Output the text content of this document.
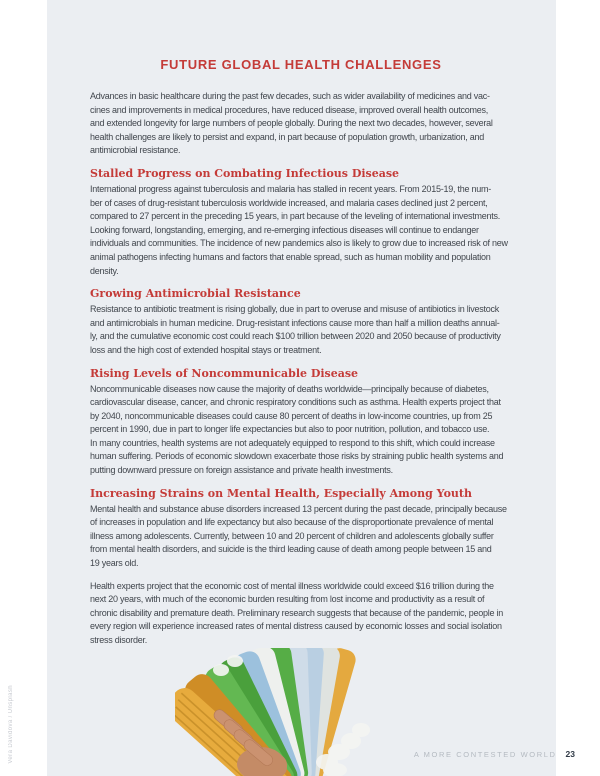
FUTURE GLOBAL HEALTH CHALLENGES

Advances in basic healthcare during the past few decades, such as wider availability of medicines and vac-
cines and improvements in medical procedures, have reduced disease, improved overall health outcomes,
and extended longevity for large numbers of people globally. During the next two decades, however, several
health challenges are likely to persist and expand, in part because of population growth, urbanization, and
antimicrobial resistance.

Stalled Progress on Combating Infectious Disease

International progress against tuberculosis and malaria has stalled in recent years. From 2015-19, the num-
ber of cases of drug-resistant tuberculosis worldwide increased, and malaria cases declined just 2 percent,
compared to 27 percent in the preceding 15 years, in part because of the leveling of international investments.
Looking forward, longstanding, emerging, and re-emerging infectious diseases will continue to endanger
individuals and communities. The incidence of new pandemics also is likely to grow due to increased risk of new
animal pathogens infecting humans and factors that enable spread, such as human mobility and population
density.

Growing Antimicrobial Resistance

Resistance to antibiotic treatment is rising globally, due in part to overuse and misuse of antibiotics in livestock
and antimicrobials in human medicine. Drug-resistant infections cause more than half a million deaths annual-
ly, and the cumulative economic cost could reach $100 trillion between 2020 and 2050 because of productivity
loss and the high cost of extended hospital stays or treatment.

Rising Levels of Noncommunicable Disease

Noncommunicable diseases now cause the majority of deaths worldwide—principally because of diabetes,
cardiovascular disease, cancer, and chronic respiratory conditions such as asthma. Health experts project that
by 2040, noncommunicable diseases could cause 80 percent of deaths in low-income countries, up from 25
percent in 1990, due in part to longer life expectancies but also to poor nutrition, pollution, and tobacco use.
In many countries, health systems are not adequately equipped to respond to this shift, which could increase
human suffering. Periods of economic slowdown exacerbate those risks by straining public health systems and
putting downward pressure on foreign assistance and private health investments.

Increasing Strains on Mental Health, Especially Among Youth

Mental health and substance abuse disorders increased 13 percent during the past decade, principally because
of increases in population and life expectancy but also because of the disproportionate prevalence of mental
illness among adolescents. Currently, between 10 and 20 percent of children and adolescents globally suffer
from mental health disorders, and suicide is the third leading cause of death among people between 15 and
19 years old.

Health experts project that the economic cost of mental illness worldwide could exceed $16 trillion during the
next 20 years, with much of the economic burden resulting from lost income and productivity as a result of
chronic disability and premature death. Preliminary research suggests that because of the pandemic, people in
every region will experience increased rates of mental distress caused by economic losses and social isolation
stress disorder.

A MORE CONTESTED WORLD 23
Vera Davidova / Unsplash
